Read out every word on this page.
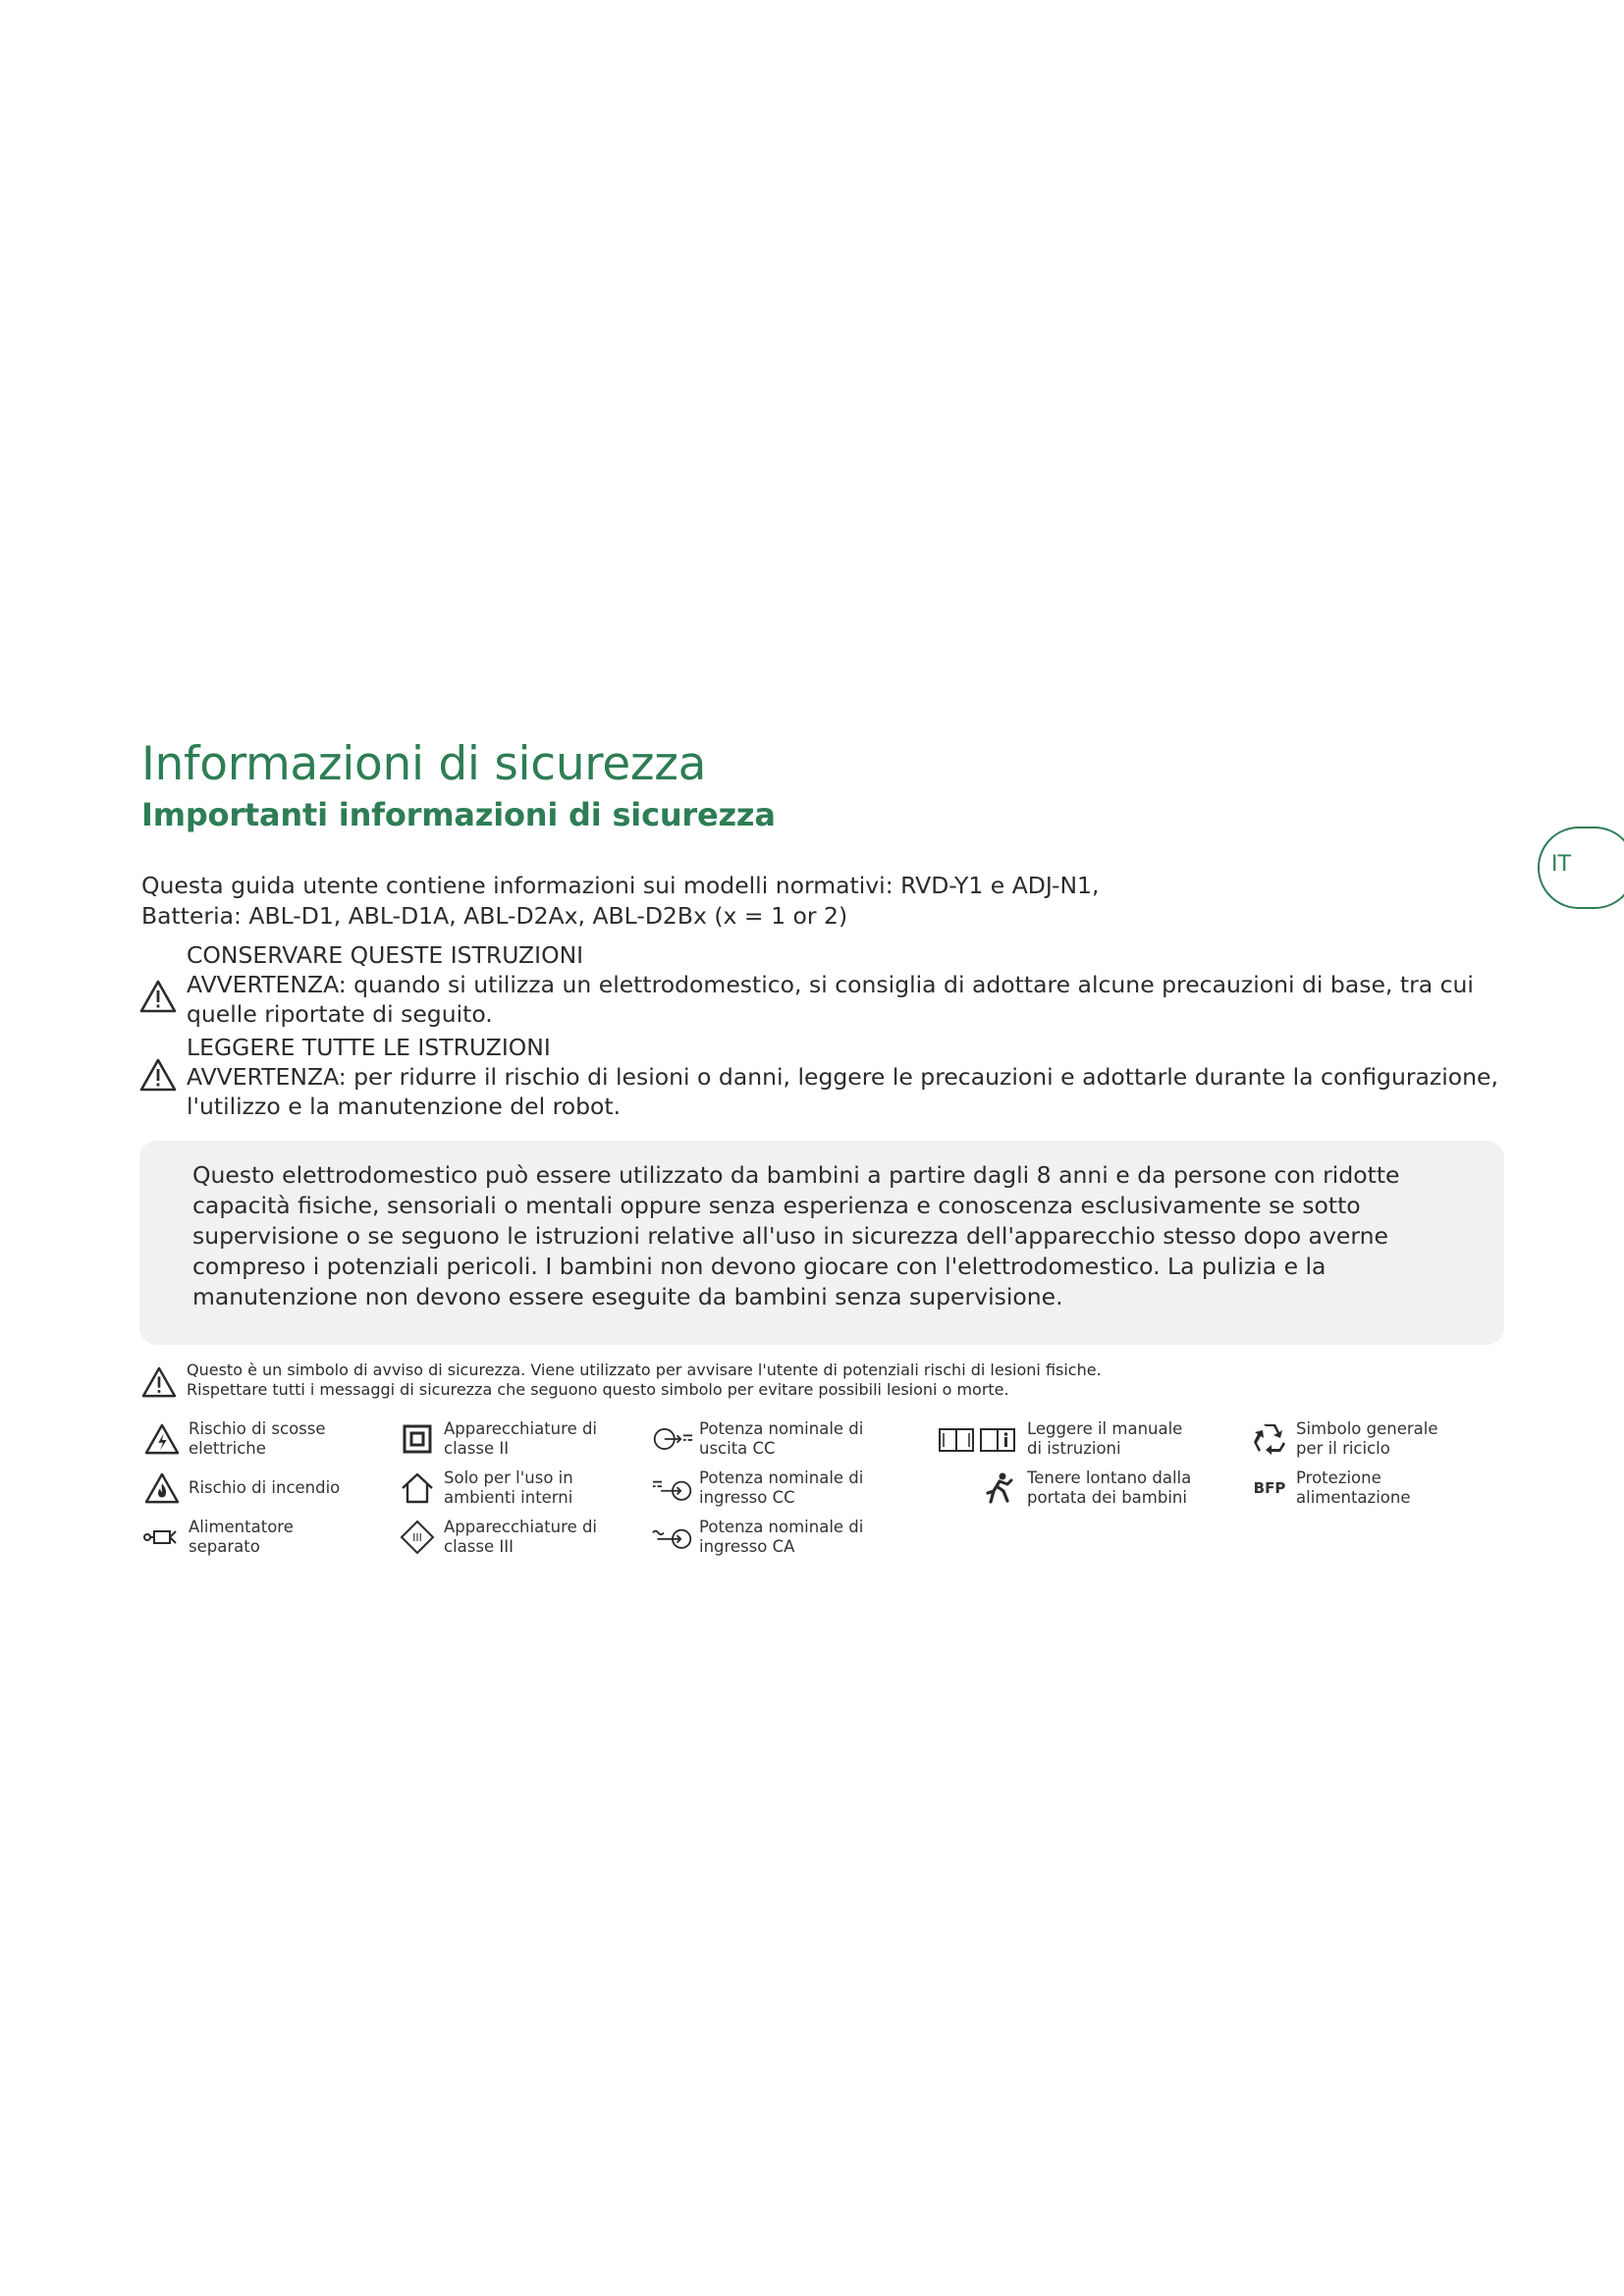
Informazioni di sicurezza
Importanti informazioni di sicurezza
IT
Questa guida utente contiene informazioni sui modelli normativi: RVD-Y1 e ADJ-N1,
Batteria: ABL-D1, ABL-D1A, ABL-D2Ax, ABL-D2Bx (x = 1 or 2)
CONSERVARE QUESTE ISTRUZIONI
AVVERTENZA: quando si utilizza un elettrodomestico, si consiglia di adottare alcune precauzioni di base, tra cui quelle riportate di seguito.
LEGGERE TUTTE LE ISTRUZIONI
AVVERTENZA: per ridurre il rischio di lesioni o danni, leggere le precauzioni e adottarle durante la configurazione, l'utilizzo e la manutenzione del robot.

Questo elettrodomestico può essere utilizzato da bambini a partire dagli 8 anni e da persone con ridotte capacità fisiche, sensoriali o mentali oppure senza esperienza e conoscenza esclusivamente se sotto supervisione o se seguono le istruzioni relative all'uso in sicurezza dell'apparecchio stesso dopo averne compreso i potenziali pericoli. I bambini non devono giocare con l'elettrodomestico. La pulizia e la manutenzione non devono essere eseguite da bambini senza supervisione.

Questo è un simbolo di avviso di sicurezza. Viene utilizzato per avvisare l'utente di potenziali rischi di lesioni fisiche.
Rispettare tutti i messaggi di sicurezza che seguono questo simbolo per evitare possibili lesioni o morte.
Rischio di scosse elettriche
Rischio di incendio
Alimentatore separato
Apparecchiature di classe II
Solo per l'uso in ambienti interni
III
Apparecchiature di classe III
Potenza nominale di uscita CC
Potenza nominale di ingresso CC
Potenza nominale di ingresso CA
Leggere il manuale di istruzioni
Tenere lontano dalla portata dei bambini
Simbolo generale per il riciclo
BFP
Protezione alimentazione
